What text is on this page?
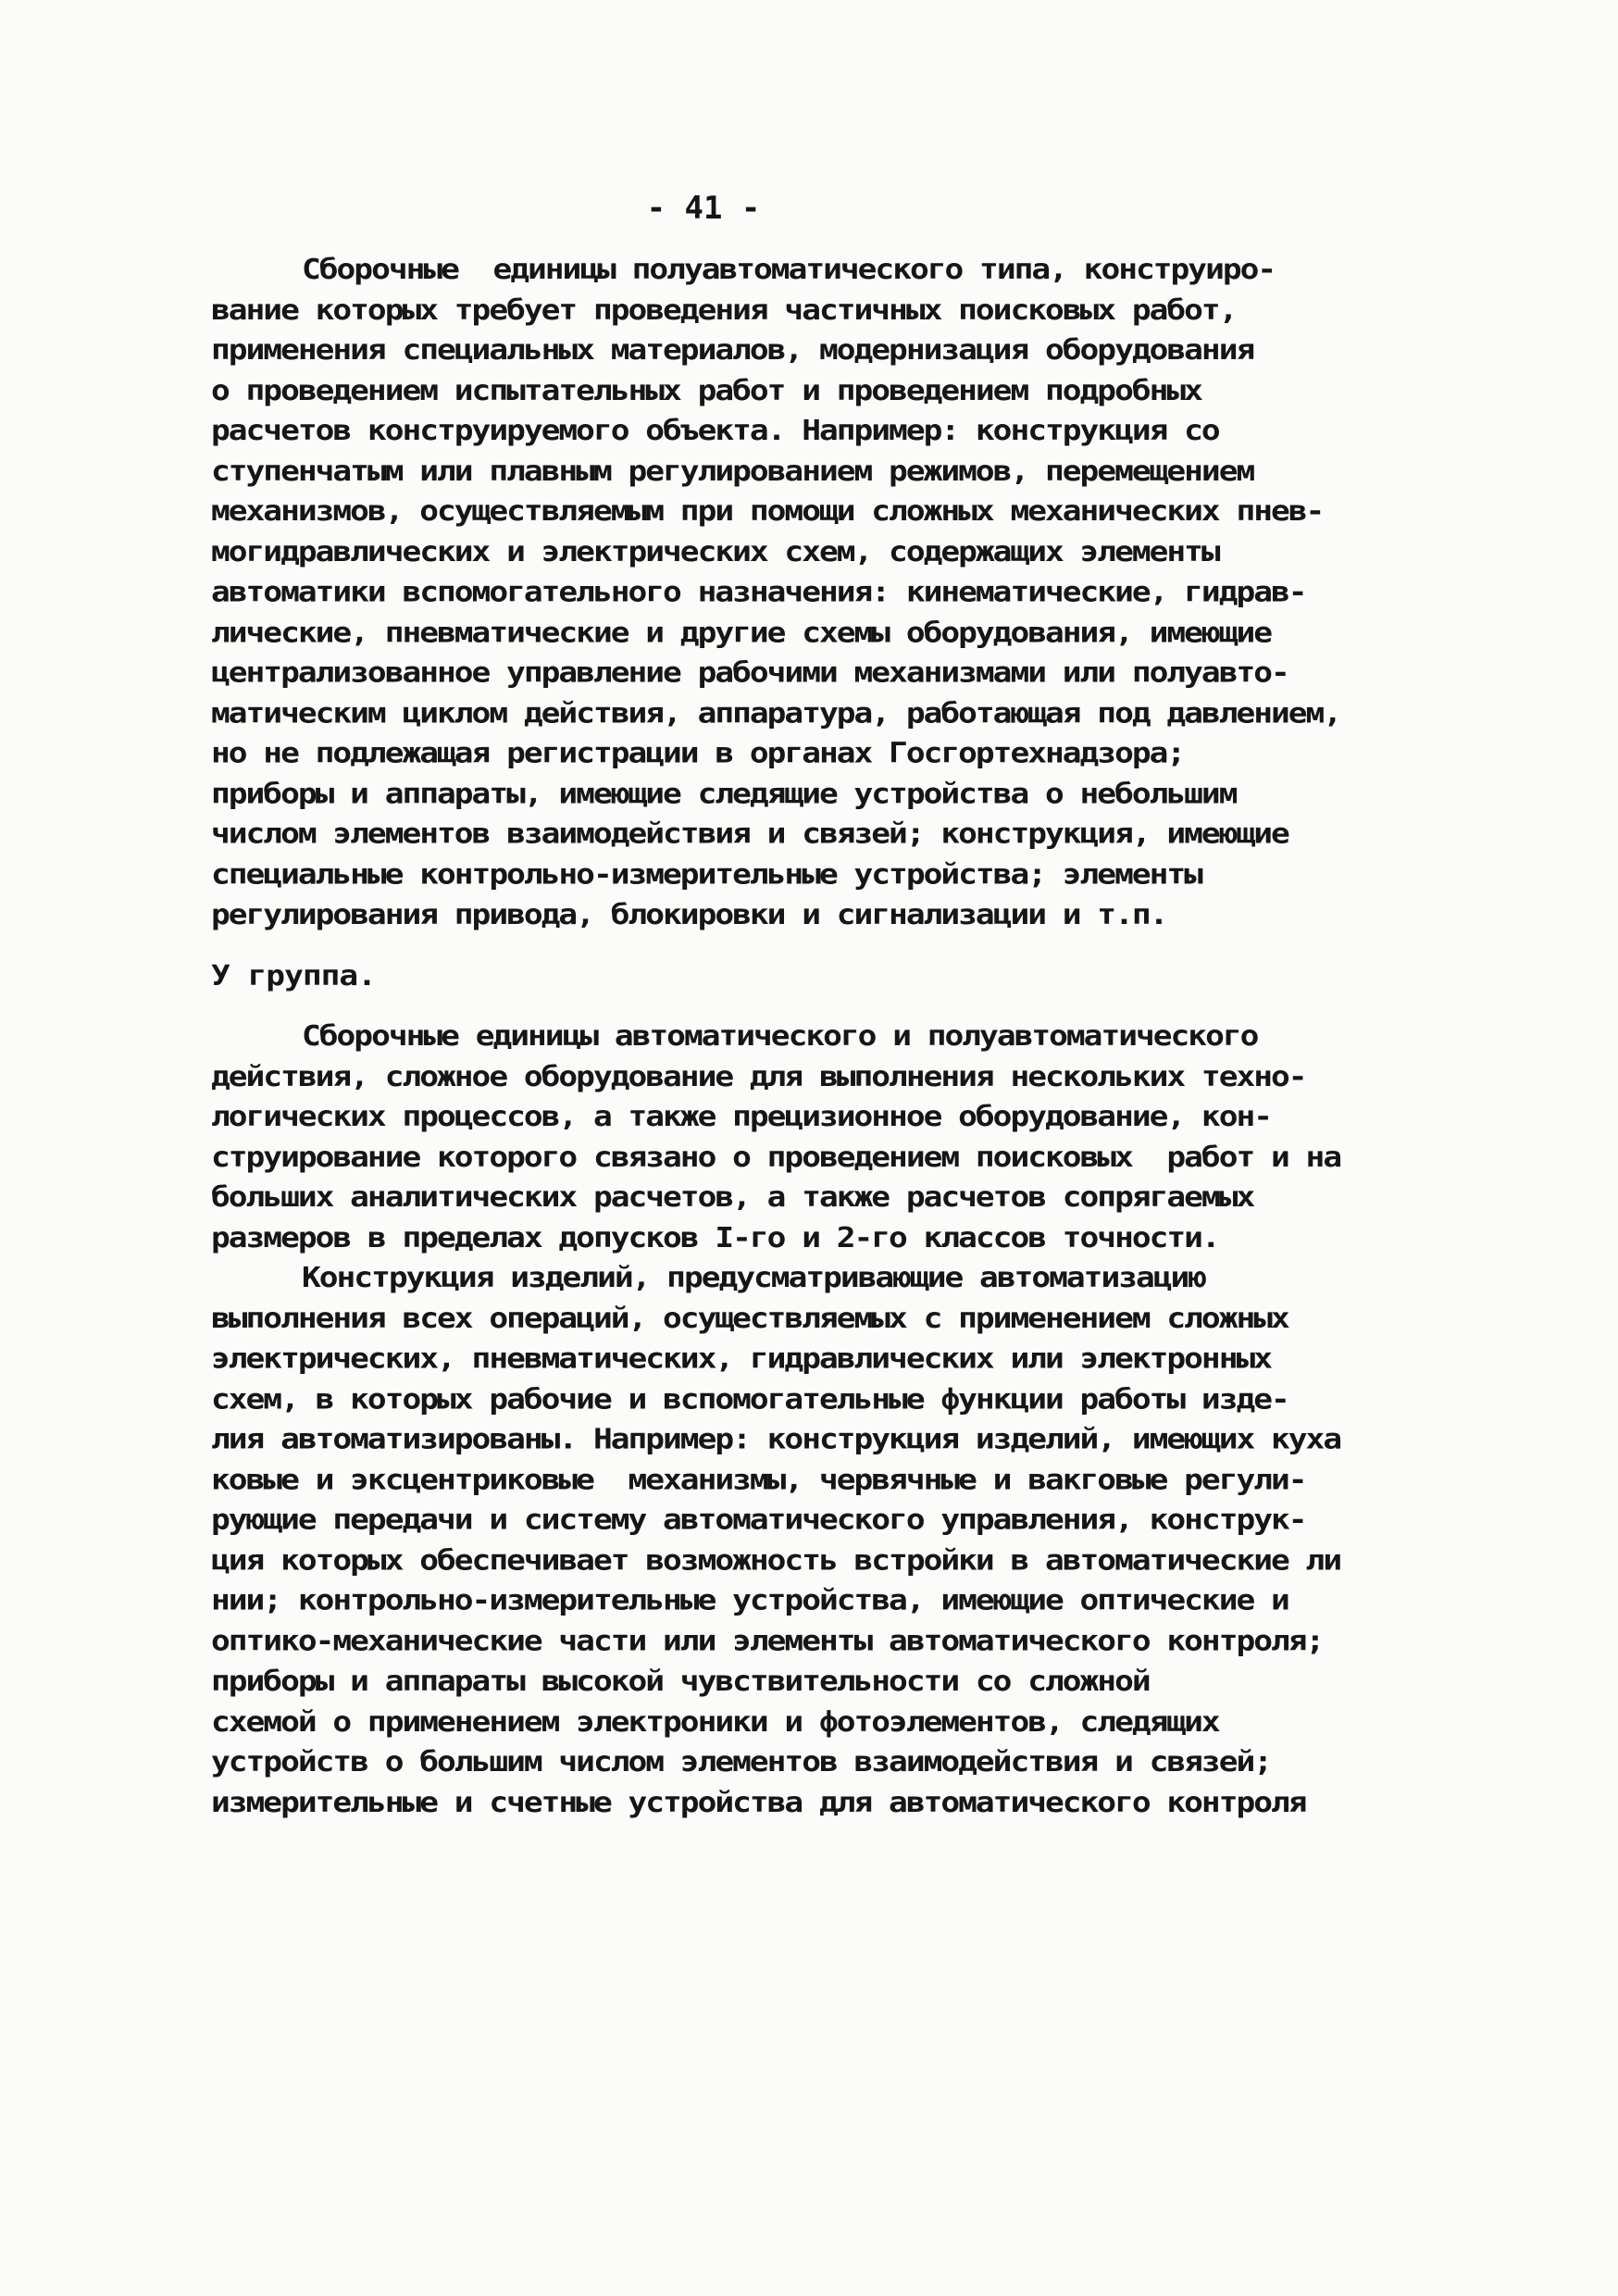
- 41 -
Сборочные  единицы полуавтоматического типа, конструиро-
вание которых требует проведения частичных поисковых работ,
применения специальных материалов, модернизация оборудования
о проведением испытательных работ и проведением подробных
расчетов конструируемого объекта. Например: конструкция со
ступенчатым или плавным регулированием режимов, перемещением
механизмов, осуществляемым при помощи сложных механических пнев-
могидравлических и электрических схем, содержащих элементы
автоматики вспомогательного назначения: кинематические, гидрав-
лические, пневматические и другие схемы оборудования, имеющие
централизованное управление рабочими механизмами или полуавто-
матическим циклом действия, аппаратура, работающая под давлением,
но не подлежащая регистрации в органах Госгортехнадзора;
приборы и аппараты, имеющие следящие устройства о небольшим
числом элементов взаимодействия и связей; конструкция, имеющие
специальные контрольно-измерительные устройства; элементы
регулирования привода, блокировки и сигнализации и т.п.
У группа.
Сборочные единицы автоматического и полуавтоматического
действия, сложное оборудование для выполнения нескольких техно-
логических процессов, а также прецизионное оборудование, кон-
струирование которого связано о проведением поисковых  работ и на
больших аналитических расчетов, а также расчетов сопрягаемых
размеров в пределах допусков I-го и 2-го классов точности.
Конструкция изделий, предусматривающие автоматизацию
выполнения всех операций, осуществляемых с применением сложных
электрических, пневматических, гидравлических или электронных
схем, в которых рабочие и вспомогательные функции работы изде-
лия автоматизированы. Например: конструкция изделий, имеющих куха
ковые и эксцентриковые  механизмы, червячные и вакговые регули-
рующие передачи и систему автоматического управления, конструк-
ция которых обеспечивает возможность встройки в автоматические ли
нии; контрольно-измерительные устройства, имеющие оптические и
оптико-механические части или элементы автоматического контроля;
приборы и аппараты высокой чувствительности со сложной
схемой о применением электроники и фотоэлементов, следящих
устройств о большим числом элементов взаимодействия и связей;
измерительные и счетные устройства для автоматического контроля
